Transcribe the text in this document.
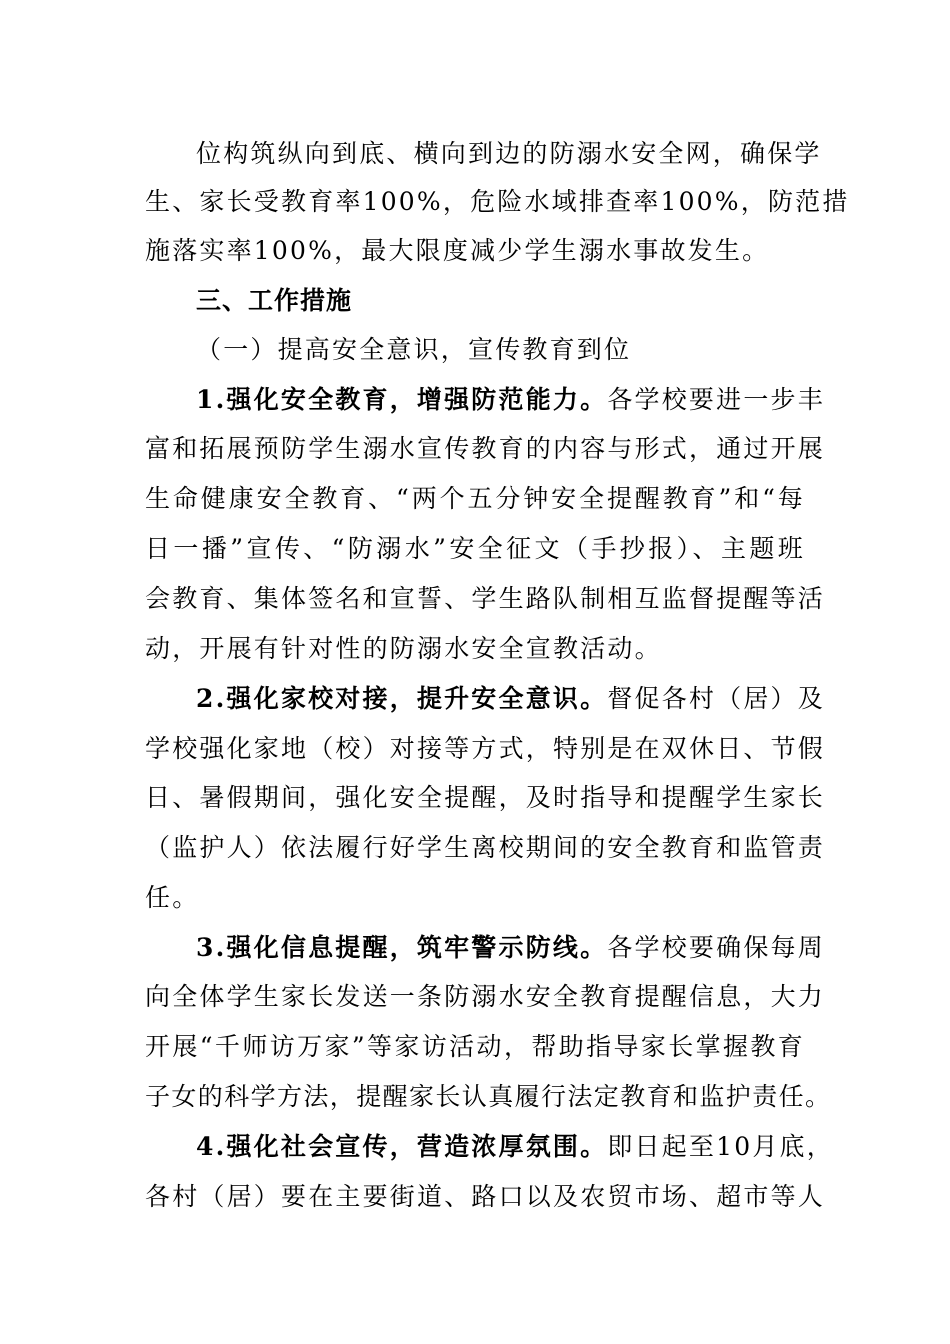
位构筑纵向到底、横向到边的防溺水安全网，确保学
生、家长受教育率100%，危险水域排查率100%，防范措
施落实率100%，最大限度减少学生溺水事故发生。
三、工作措施
（一）提高安全意识，宣传教育到位
1.强化安全教育，增强防范能力。各学校要进一步丰
富和拓展预防学生溺水宣传教育的内容与形式，通过开展
生命健康安全教育、“两个五分钟安全提醒教育”和“每
日一播”宣传、“防溺水”安全征文（手抄报）、主题班
会教育、集体签名和宣誓、学生路队制相互监督提醒等活
动，开展有针对性的防溺水安全宣教活动。
2.强化家校对接，提升安全意识。督促各村（居）及
学校强化家地（校）对接等方式，特别是在双休日、节假
日、暑假期间，强化安全提醒，及时指导和提醒学生家长
（监护人）依法履行好学生离校期间的安全教育和监管责
任。
3.强化信息提醒，筑牢警示防线。各学校要确保每周
向全体学生家长发送一条防溺水安全教育提醒信息，大力
开展“千师访万家”等家访活动，帮助指导家长掌握教育
子女的科学方法，提醒家长认真履行法定教育和监护责任。
4.强化社会宣传，营造浓厚氛围。即日起至10月底，
各村（居）要在主要街道、路口以及农贸市场、超市等人
